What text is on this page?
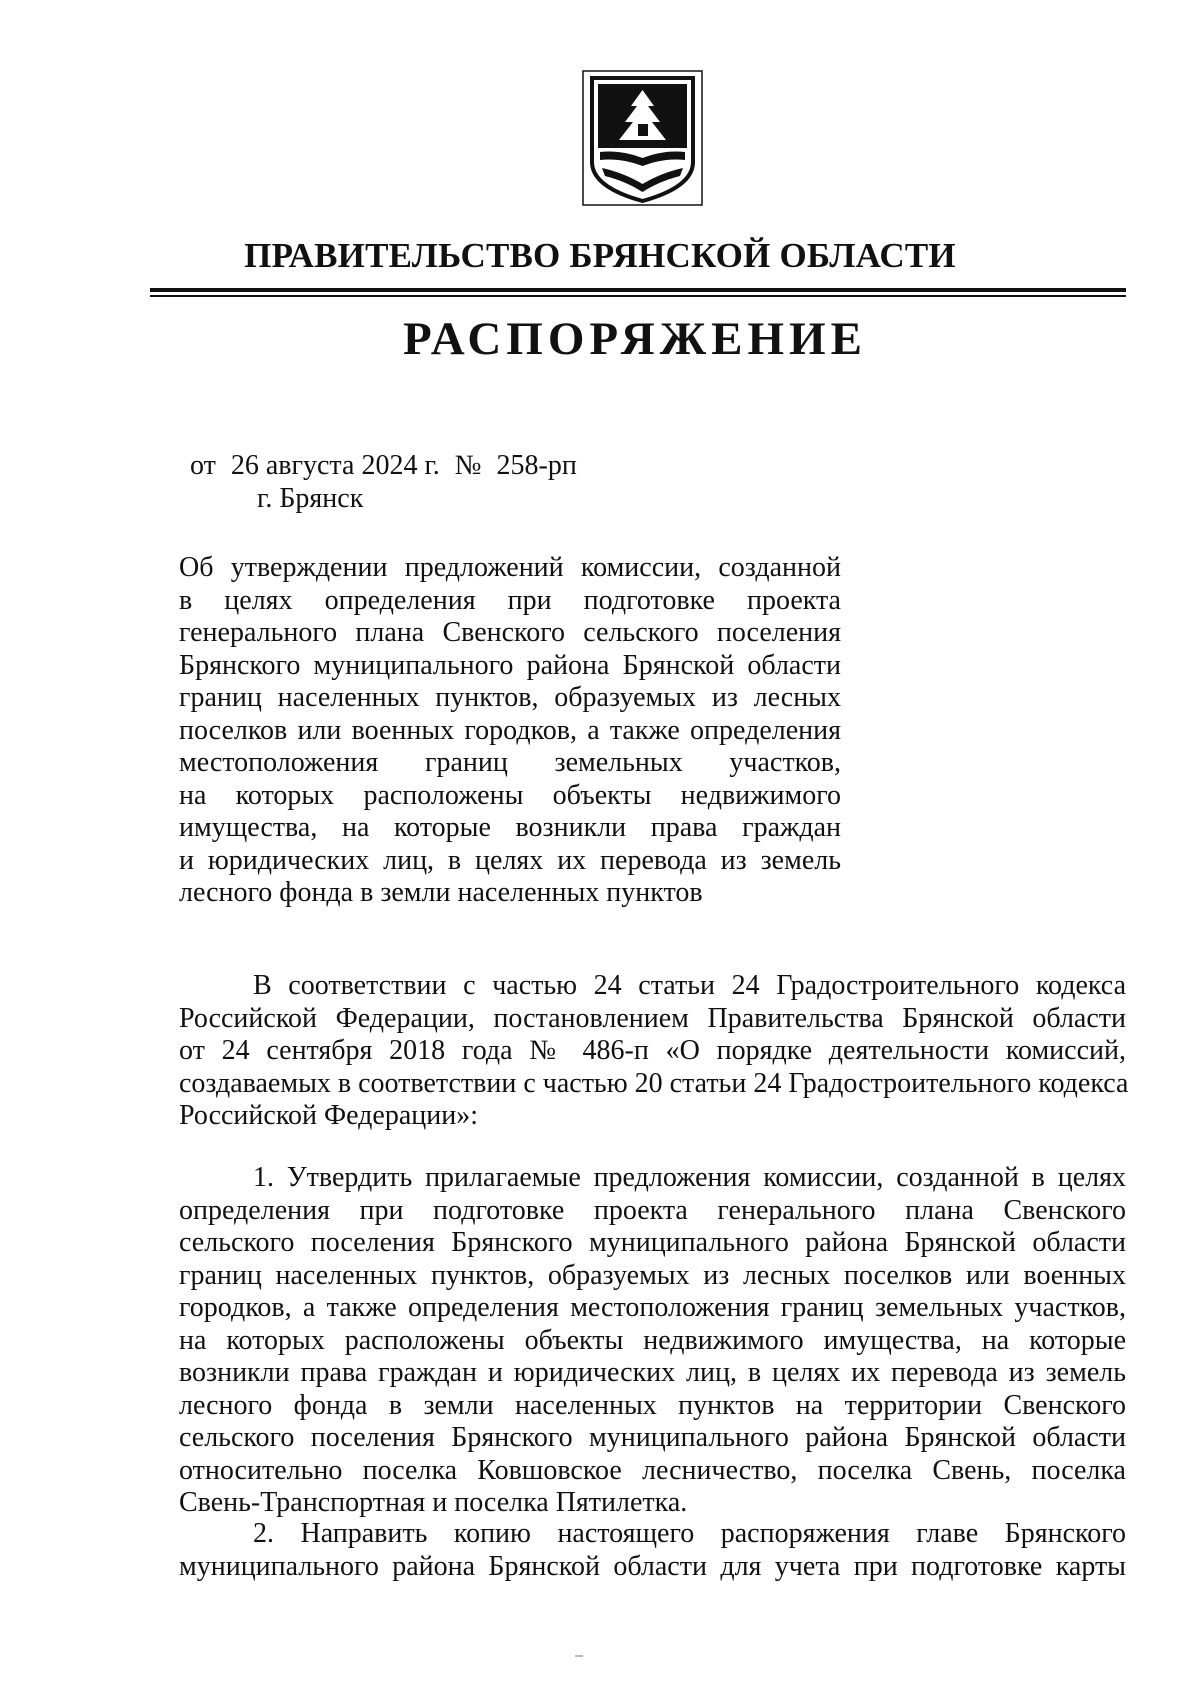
ПРАВИТЕЛЬСТВО БРЯНСКОЙ ОБЛАСТИ
РАСПОРЯЖЕНИЕ
от 26 августа 2024 г. № 258-рп
г. Брянск
Об утверждении предложений комиссии, созданной
в целях определения при подготовке проекта
генерального плана Свенского сельского поселения
Брянского муниципального района Брянской области
границ населенных пунктов, образуемых из лесных
поселков или военных городков, а также определения
местоположения границ земельных участков,
на которых расположены объекты недвижимого
имущества, на которые возникли права граждан
и юридических лиц, в целях их перевода из земель
лесного фонда в земли населенных пунктов
В соответствии с частью 24 статьи 24 Градостроительного кодекса
Российской Федерации, постановлением Правительства Брянской области
от 24 сентября 2018 года № 486-п «О порядке деятельности комиссий,
создаваемых в соответствии с частью 20 статьи 24 Градостроительного кодекса
Российской Федерации»:
1. Утвердить прилагаемые предложения комиссии, созданной в целях
определения при подготовке проекта генерального плана Свенского
сельского поселения Брянского муниципального района Брянской области
границ населенных пунктов, образуемых из лесных поселков или военных
городков, а также определения местоположения границ земельных участков,
на которых расположены объекты недвижимого имущества, на которые
возникли права граждан и юридических лиц, в целях их перевода из земель
лесного фонда в земли населенных пунктов на территории Свенского
сельского поселения Брянского муниципального района Брянской области
относительно поселка Ковшовское лесничество, поселка Свень, поселка
Свень-Транспортная и поселка Пятилетка.
2. Направить копию настоящего распоряжения главе Брянского
муниципального района Брянской области для учета при подготовке карты
